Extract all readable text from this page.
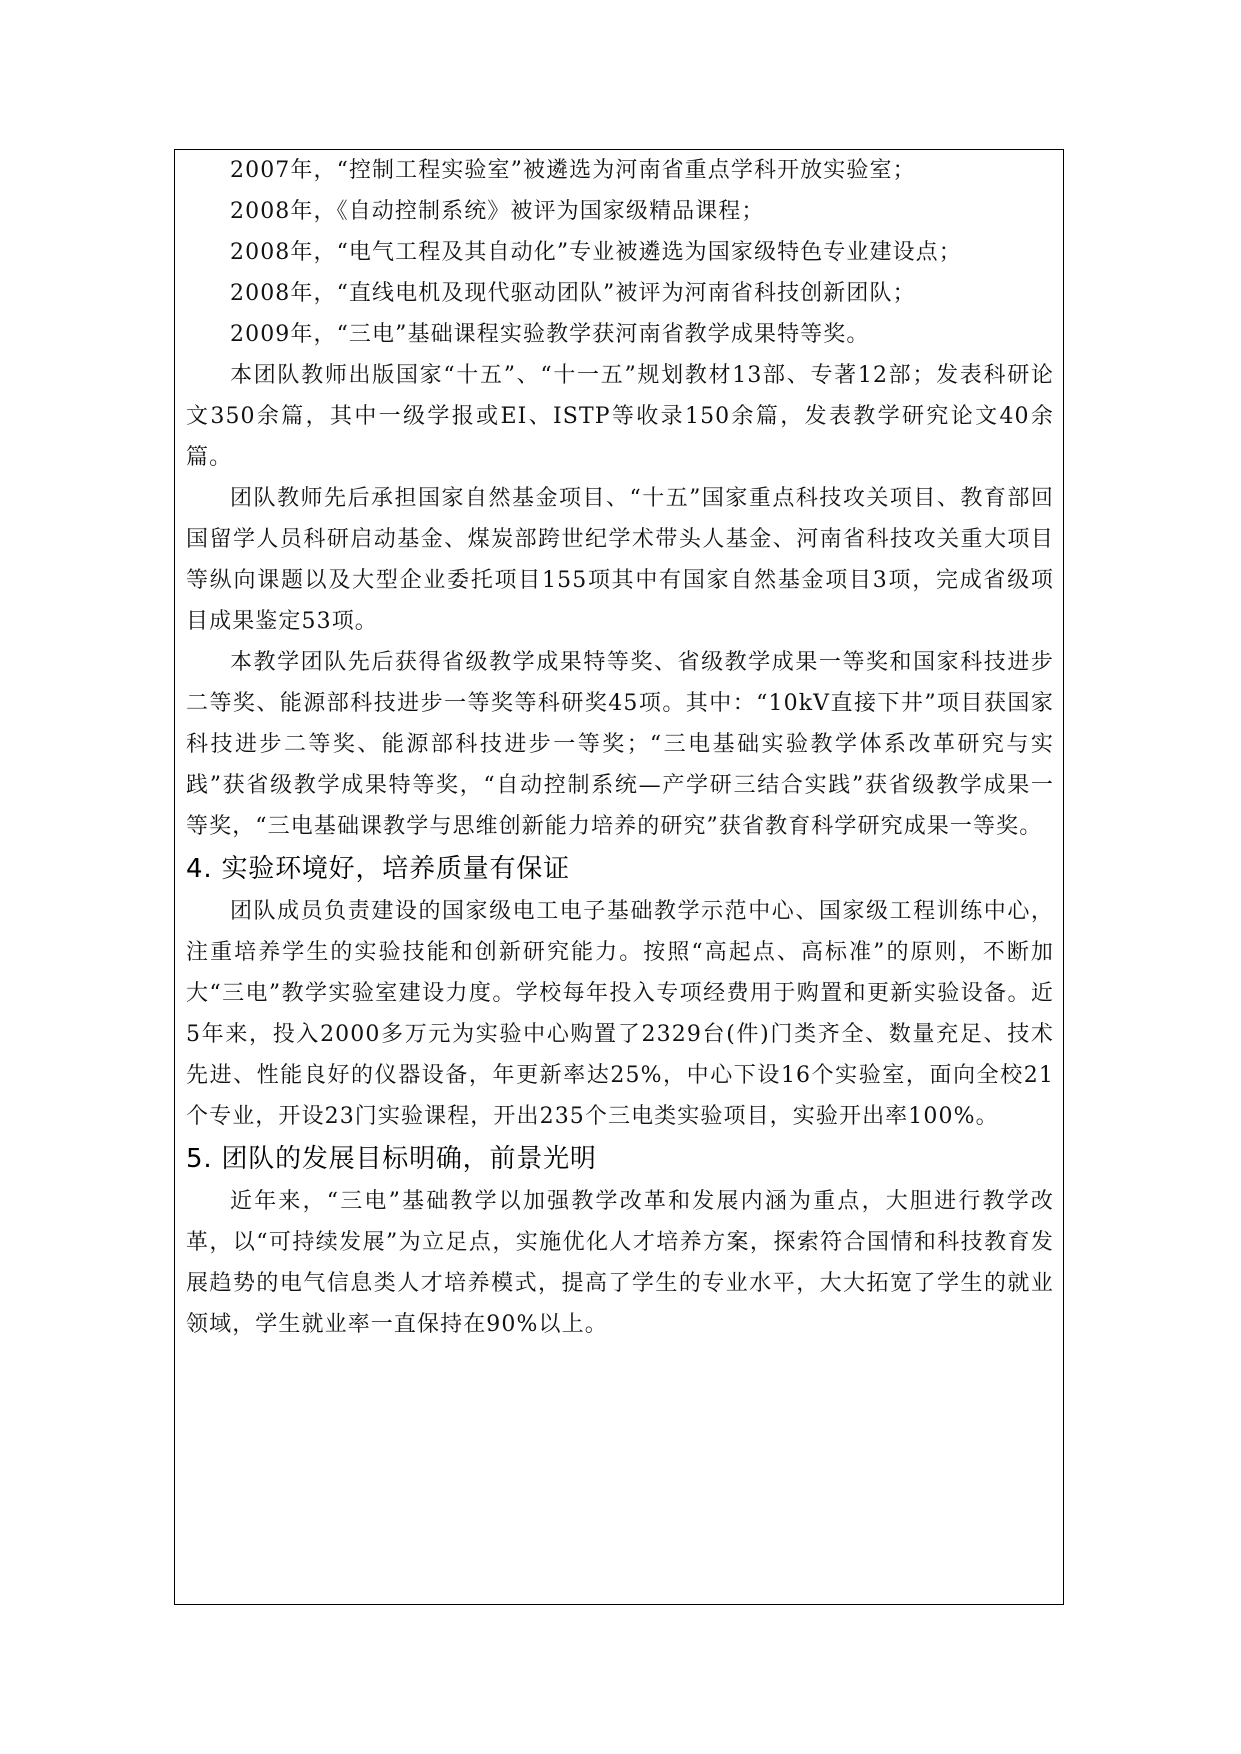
2007年，“控制工程实验室”被遴选为河南省重点学科开放实验室；

2008年，《自动控制系统》被评为国家级精品课程；

2008年，“电气工程及其自动化”专业被遴选为国家级特色专业建设点；

2008年，“直线电机及现代驱动团队”被评为河南省科技创新团队；

2009年，“三电”基础课程实验教学获河南省教学成果特等奖。

本团队教师出版国家“十五”、“十一五”规划教材13部、专著12部；发表科研论文350余篇，其中一级学报或EI、ISTP等收录150余篇，发表教学研究论文40余篇。

团队教师先后承担国家自然基金项目、“十五”国家重点科技攻关项目、教育部回国留学人员科研启动基金、煤炭部跨世纪学术带头人基金、河南省科技攻关重大项目等纵向课题以及大型企业委托项目155项其中有国家自然基金项目3项，完成省级项目成果鉴定53项。

本教学团队先后获得省级教学成果特等奖、省级教学成果一等奖和国家科技进步二等奖、能源部科技进步一等奖等科研奖45项。其中：“10kV直接下井”项目获国家科技进步二等奖、能源部科技进步一等奖；“三电基础实验教学体系改革研究与实践”获省级教学成果特等奖，“自动控制系统—产学研三结合实践”获省级教学成果一等奖，“三电基础课教学与思维创新能力培养的研究”获省教育科学研究成果一等奖。

4. 实验环境好，培养质量有保证

团队成员负责建设的国家级电工电子基础教学示范中心、国家级工程训练中心，注重培养学生的实验技能和创新研究能力。按照“高起点、高标准”的原则，不断加大“三电”教学实验室建设力度。学校每年投入专项经费用于购置和更新实验设备。近5年来，投入2000多万元为实验中心购置了2329台(件)门类齐全、数量充足、技术先进、性能良好的仪器设备，年更新率达25%，中心下设16个实验室，面向全校21个专业，开设23门实验课程，开出235个三电类实验项目，实验开出率100%。

5. 团队的发展目标明确，前景光明

近年来，“三电”基础教学以加强教学改革和发展内涵为重点，大胆进行教学改革，以“可持续发展”为立足点，实施优化人才培养方案，探索符合国情和科技教育发展趋势的电气信息类人才培养模式，提高了学生的专业水平，大大拓宽了学生的就业领域，学生就业率一直保持在90%以上。
